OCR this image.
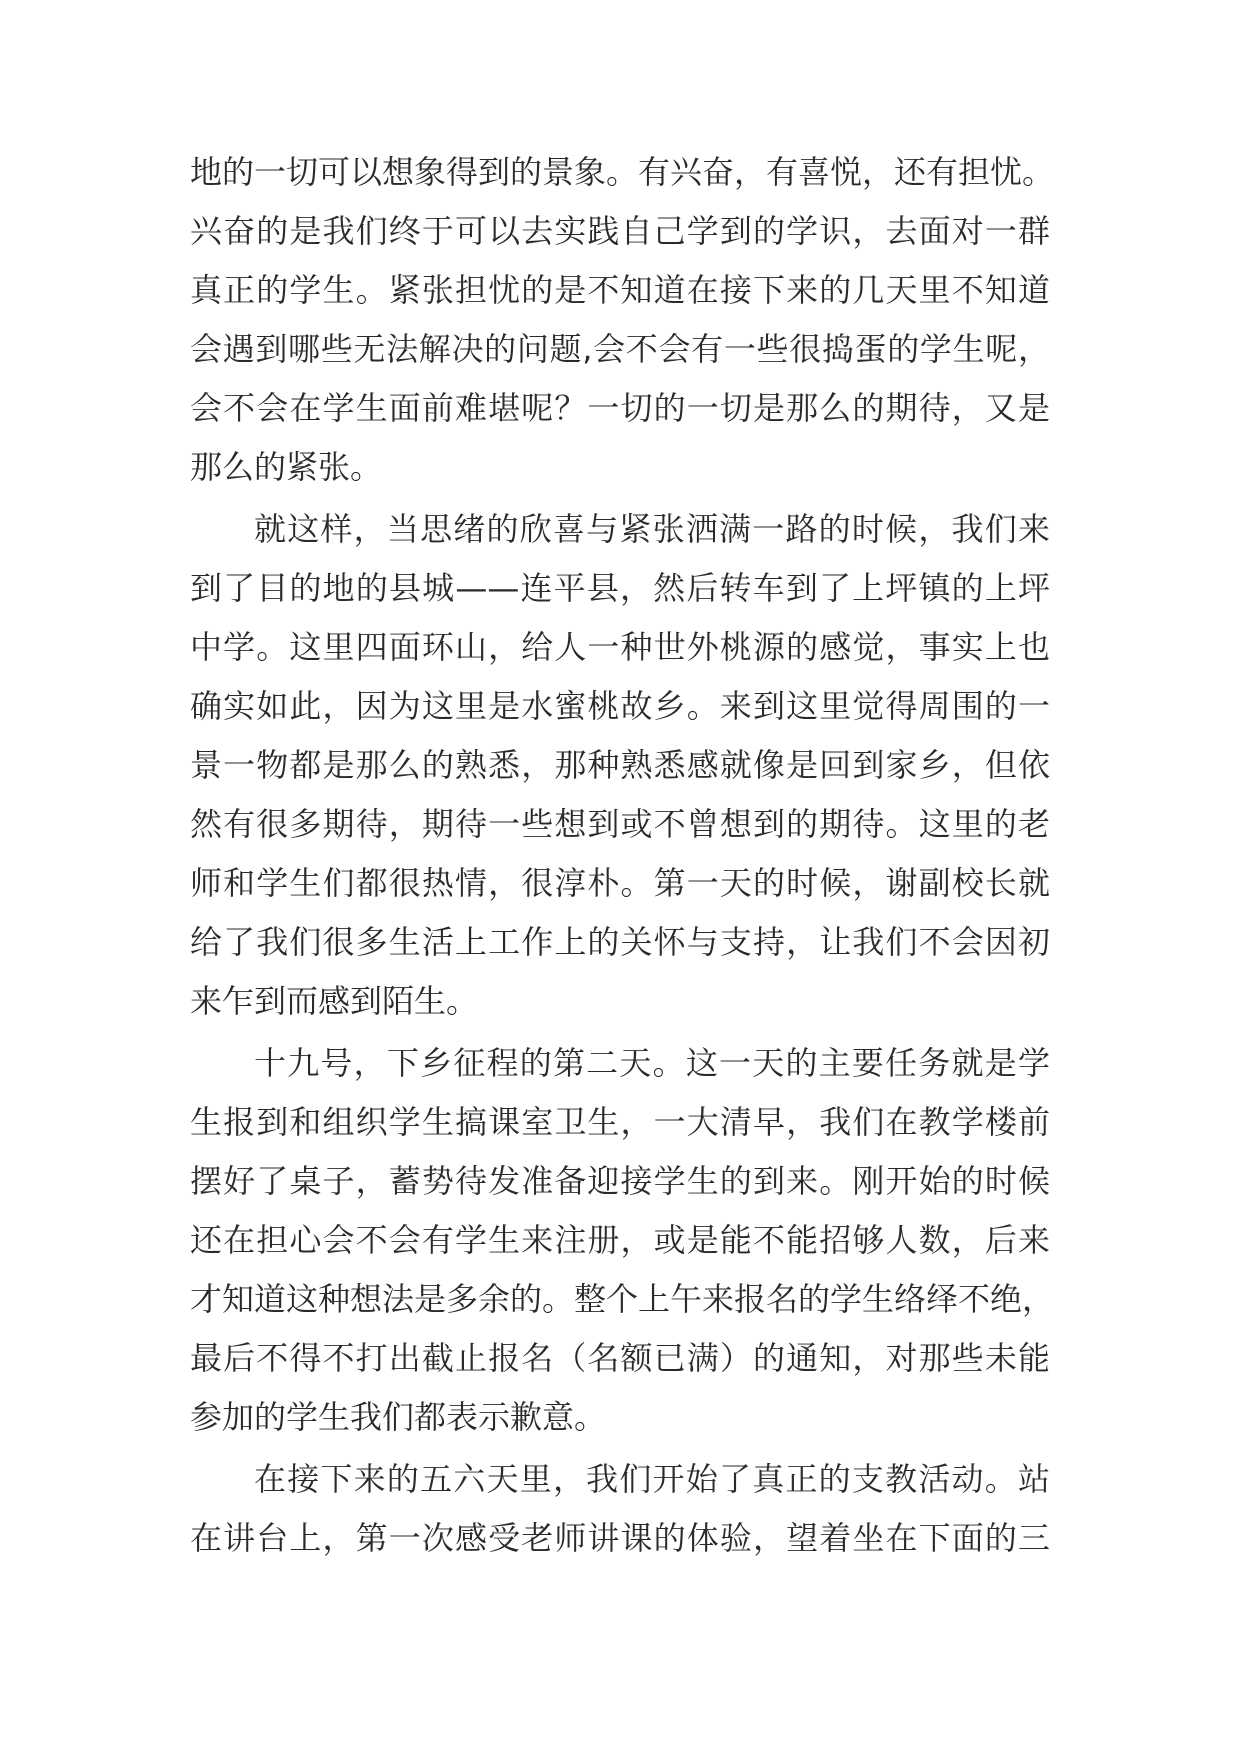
地的一切可以想象得到的景象。有兴奋，有喜悦，还有担忧。
兴奋的是我们终于可以去实践自己学到的学识，去面对一群
真正的学生。紧张担忧的是不知道在接下来的几天里不知道
会遇到哪些无法解决的问题,会不会有一些很捣蛋的学生呢，
会不会在学生面前难堪呢？一切的一切是那么的期待，又是
那么的紧张。
就这样，当思绪的欣喜与紧张洒满一路的时候，我们来
到了目的地的县城——连平县，然后转车到了上坪镇的上坪
中学。这里四面环山，给人一种世外桃源的感觉，事实上也
确实如此，因为这里是水蜜桃故乡。来到这里觉得周围的一
景一物都是那么的熟悉，那种熟悉感就像是回到家乡，但依
然有很多期待，期待一些想到或不曾想到的期待。这里的老
师和学生们都很热情，很淳朴。第一天的时候，谢副校长就
给了我们很多生活上工作上的关怀与支持，让我们不会因初
来乍到而感到陌生。
十九号，下乡征程的第二天。这一天的主要任务就是学
生报到和组织学生搞课室卫生，一大清早，我们在教学楼前
摆好了桌子，蓄势待发准备迎接学生的到来。刚开始的时候
还在担心会不会有学生来注册，或是能不能招够人数，后来
才知道这种想法是多余的。整个上午来报名的学生络绎不绝，
最后不得不打出截止报名（名额已满）的通知，对那些未能
参加的学生我们都表示歉意。
在接下来的五六天里，我们开始了真正的支教活动。站
在讲台上，第一次感受老师讲课的体验，望着坐在下面的三
